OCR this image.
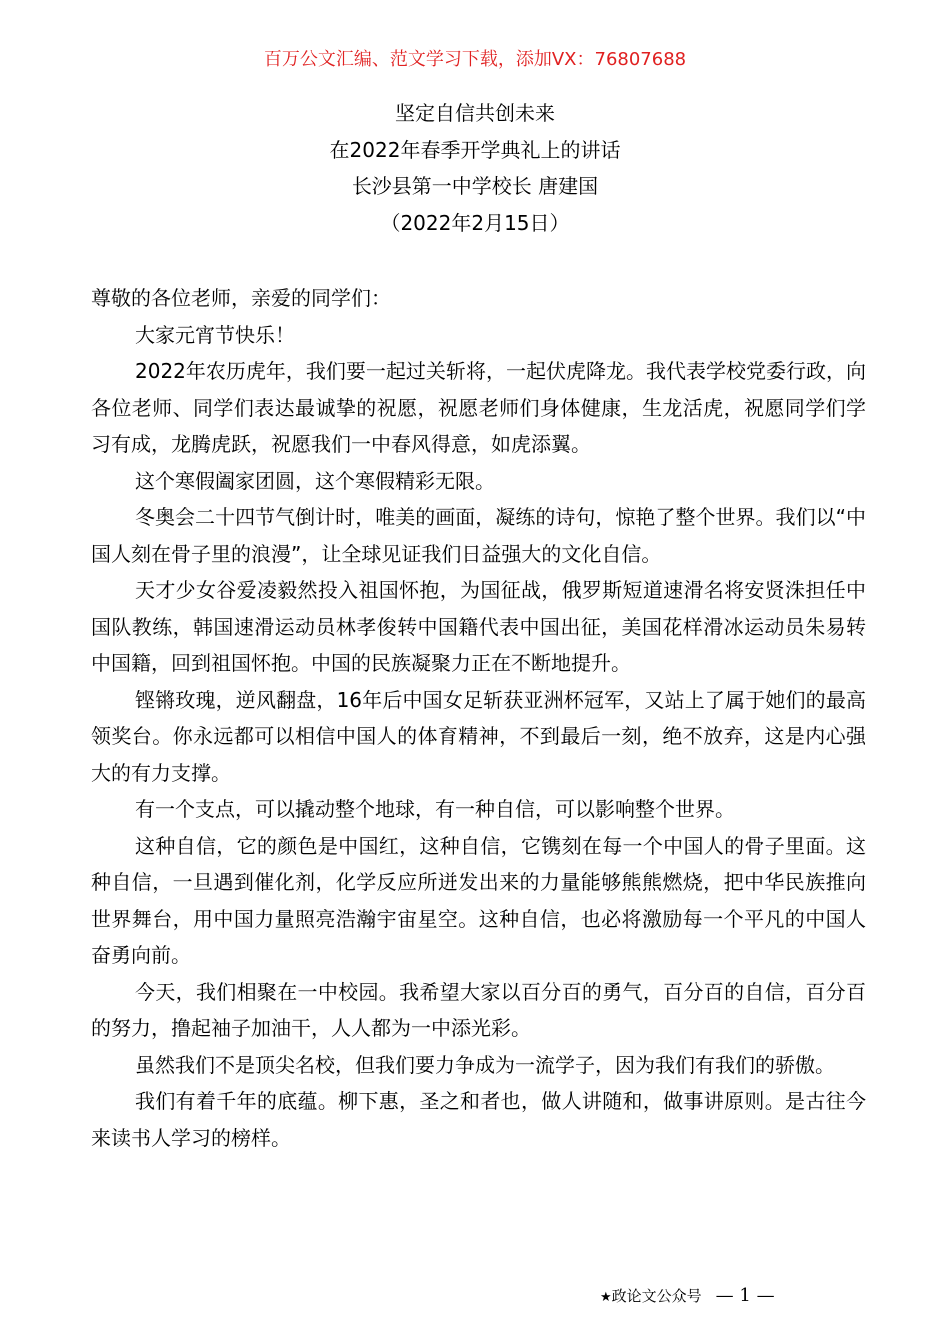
百万公文汇编、范文学习下载，添加VX：76807688
坚定自信共创未来
在2022年春季开学典礼上的讲话
长沙县第一中学校长 唐建国
（2022年2月15日）

尊敬的各位老师，亲爱的同学们：

大家元宵节快乐！

2022年农历虎年，我们要一起过关斩将，一起伏虎降龙。我代表学校党委行政，向各位老师、同学们表达最诚挚的祝愿，祝愿老师们身体健康，生龙活虎，祝愿同学们学习有成，龙腾虎跃，祝愿我们一中春风得意，如虎添翼。

这个寒假阖家团圆，这个寒假精彩无限。

冬奥会二十四节气倒计时，唯美的画面，凝练的诗句，惊艳了整个世界。我们以“中国人刻在骨子里的浪漫”，让全球见证我们日益强大的文化自信。

天才少女谷爱凌毅然投入祖国怀抱，为国征战，俄罗斯短道速滑名将安贤洙担任中国队教练，韩国速滑运动员林孝俊转中国籍代表中国出征，美国花样滑冰运动员朱易转中国籍，回到祖国怀抱。中国的民族凝聚力正在不断地提升。

铿锵玫瑰，逆风翻盘，16年后中国女足斩获亚洲杯冠军，又站上了属于她们的最高领奖台。你永远都可以相信中国人的体育精神，不到最后一刻，绝不放弃，这是内心强大的有力支撑。

有一个支点，可以撬动整个地球，有一种自信，可以影响整个世界。

这种自信，它的颜色是中国红，这种自信，它镌刻在每一个中国人的骨子里面。这种自信，一旦遇到催化剂，化学反应所迸发出来的力量能够熊熊燃烧，把中华民族推向世界舞台，用中国力量照亮浩瀚宇宙星空。这种自信，也必将激励每一个平凡的中国人奋勇向前。

今天，我们相聚在一中校园。我希望大家以百分百的勇气，百分百的自信，百分百的努力，撸起袖子加油干，人人都为一中添光彩。

虽然我们不是顶尖名校，但我们要力争成为一流学子，因为我们有我们的骄傲。

我们有着千年的底蕴。柳下惠，圣之和者也，做人讲随和，做事讲原则。是古往今来读书人学习的榜样。

★政论文公众号 — 1 —
